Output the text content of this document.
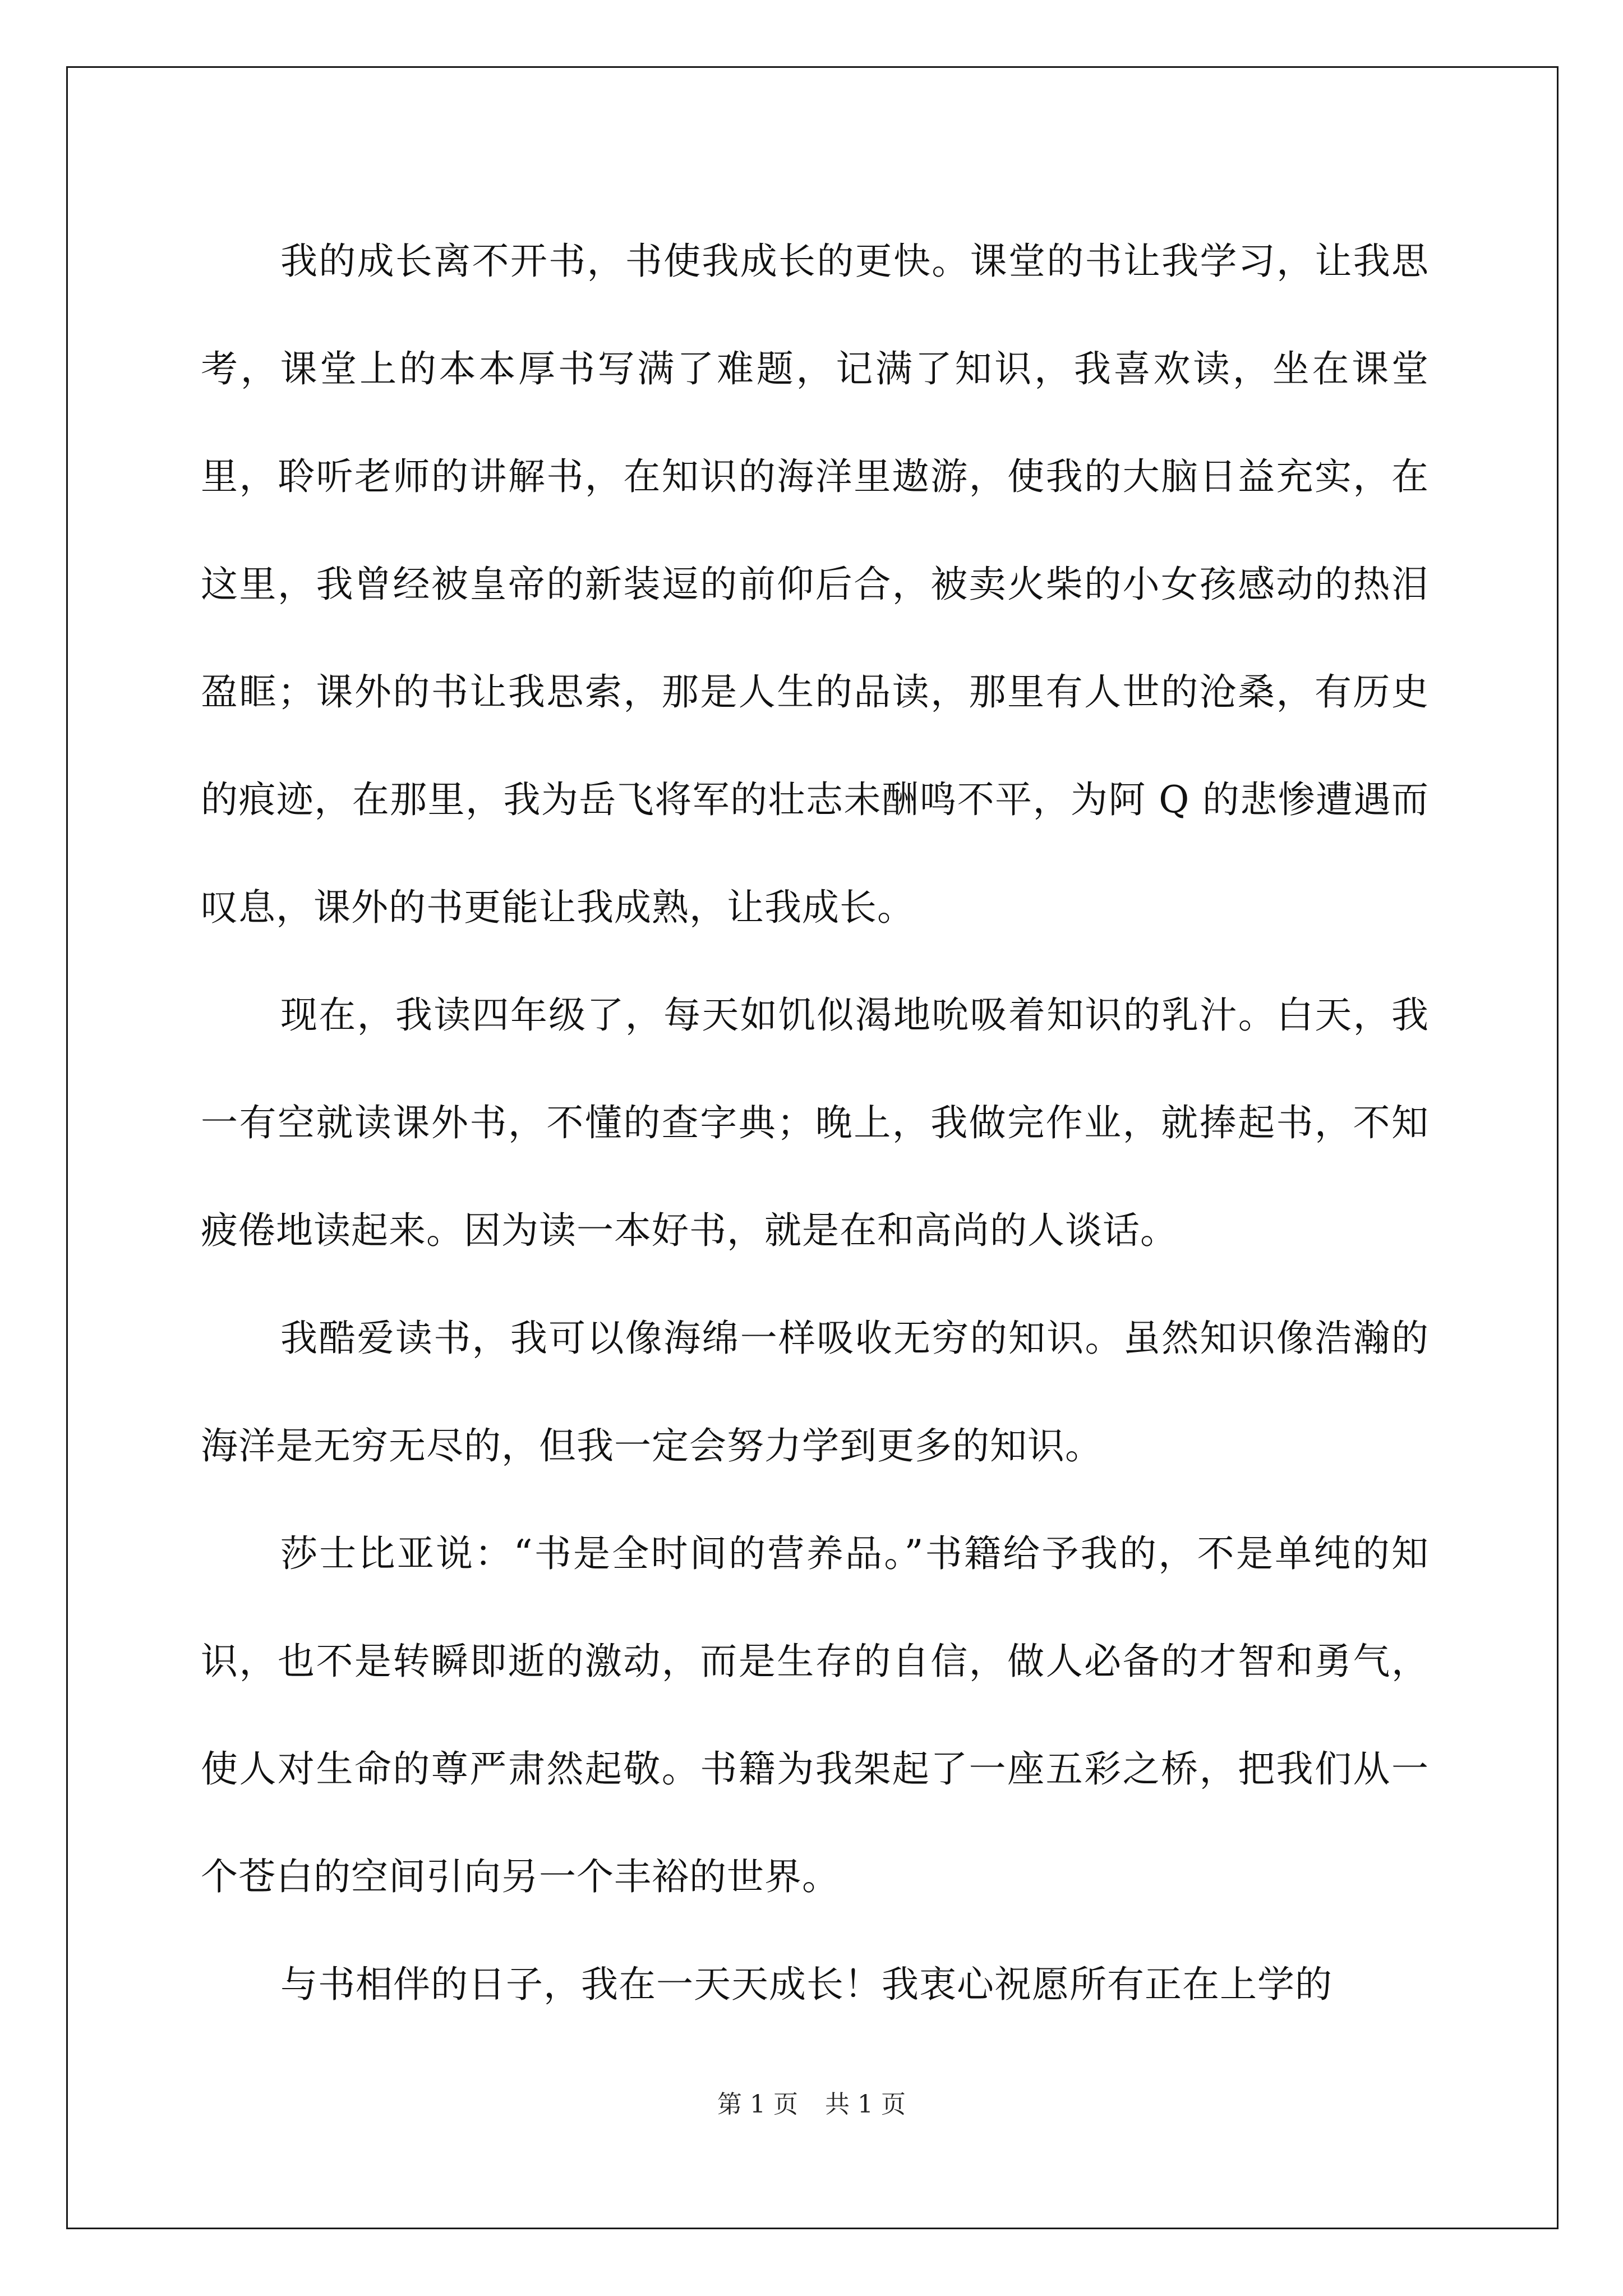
我的成长离不开书，书使我成长的更快。课堂的书让我学习，让我思考，课堂上的本本厚书写满了难题，记满了知识，我喜欢读，坐在课堂里，聆听老师的讲解书，在知识的海洋里遨游，使我的大脑日益充实，在这里，我曾经被皇帝的新装逗的前仰后合，被卖火柴的小女孩感动的热泪盈眶；课外的书让我思索，那是人生的品读，那里有人世的沧桑，有历史的痕迹，在那里，我为岳飞将军的壮志未酬鸣不平，为阿 Q 的悲惨遭遇而叹息，课外的书更能让我成熟，让我成长。

现在，我读四年级了，每天如饥似渴地吮吸着知识的乳汁。白天，我一有空就读课外书，不懂的查字典；晚上，我做完作业，就捧起书，不知疲倦地读起来。因为读一本好书，就是在和高尚的人谈话。

我酷爱读书，我可以像海绵一样吸收无穷的知识。虽然知识像浩瀚的海洋是无穷无尽的，但我一定会努力学到更多的知识。

莎士比亚说：“书是全时间的营养品。”书籍给予我的，不是单纯的知识，也不是转瞬即逝的激动，而是生存的自信，做人必备的才智和勇气，使人对生命的尊严肃然起敬。书籍为我架起了一座五彩之桥，把我们从一个苍白的空间引向另一个丰裕的世界。

与书相伴的日子，我在一天天成长！我衷心祝愿所有正在上学的

第 1 页 共 1 页
